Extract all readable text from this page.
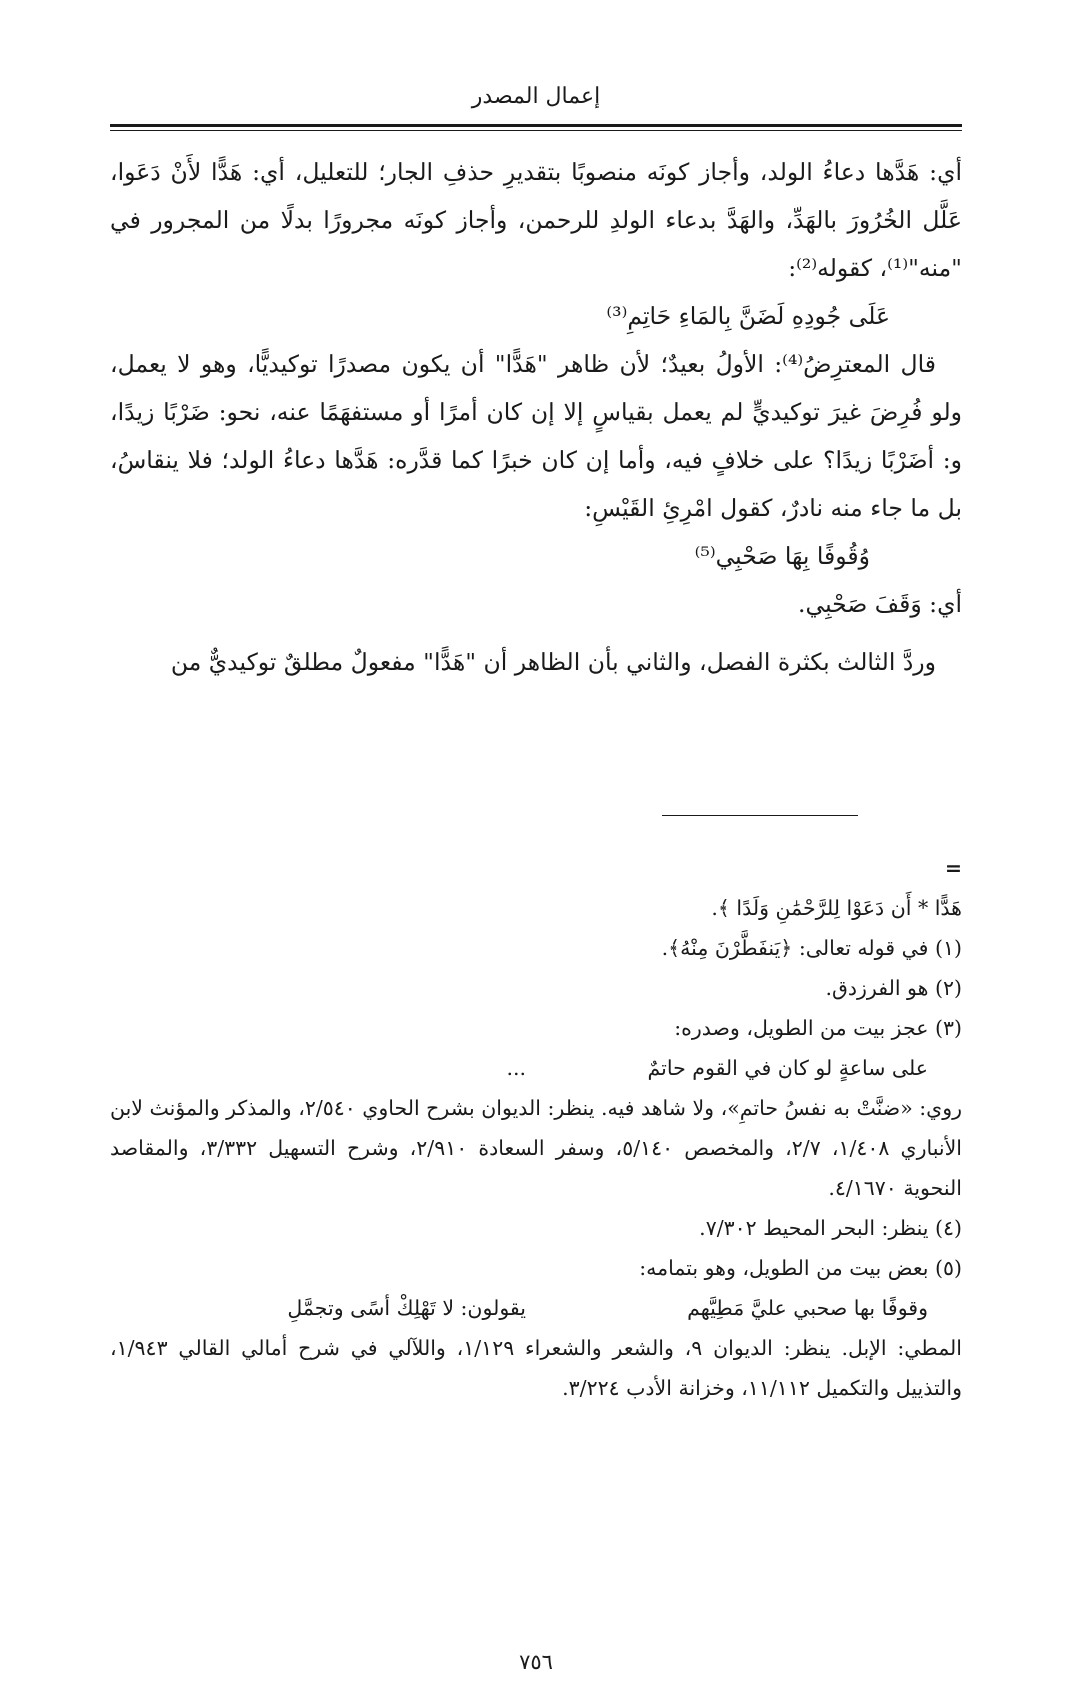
إعمال المصدر

أي: هَدَّها دعاءُ الولد، وأجاز كونَه منصوبًا بتقديرِ حذفِ الجار؛ للتعليل، أي: هَدًّا لأَنْ دَعَوا، عَلَّل الخُرُورَ بالهَدِّ، والهَدَّ بدعاء الولدِ للرحمن، وأجاز كونَه مجرورًا بدلًا من المجرور في "منه"⁽¹⁾، كقوله⁽²⁾:

عَلَى جُودِهِ لَضَنَّ بِالمَاءِ حَاتِمِ⁽³⁾

قال المعترِضُ⁽⁴⁾: الأولُ بعيدٌ؛ لأن ظاهر "هَدًّا" أن يكون مصدرًا توكيديًّا، وهو لا يعمل، ولو فُرِضَ غيرَ توكيديٍّ لم يعمل بقياسٍ إلا إن كان أمرًا أو مستفهَمًا عنه، نحو: ضَرْبًا زيدًا، و: أضَرْبًا زيدًا؟ على خلافٍ فيه، وأما إن كان خبرًا كما قدَّره: هَدَّها دعاءُ الولد؛ فلا ينقاسُ، بل ما جاء منه نادرٌ، كقول امْرِئِ القَيْسِ:

وُقُوفًا بِهَا صَحْبِي⁽⁵⁾

أي: وَقَفَ صَحْبِي.

وردَّ الثالث بكثرة الفصل، والثاني بأن الظاهر أن "هَدًّا" مفعولٌ مطلقٌ توكيديٌّ من

=

هَدًّا * أَن دَعَوْا لِلرَّحْمَٰنِ وَلَدًا ﴾.

(١) في قوله تعالى: ﴿يَنفَطَّرْنَ مِنْهُ﴾.

(٢) هو الفرزدق.

(٣) عجز بيت من الطويل، وصدره:

على ساعةٍ لو كان في القوم حاتمٌ
...

روي: «ضنَّتْ به نفسُ حاتمِ»، ولا شاهد فيه. ينظر: الديوان بشرح الحاوي ٢/٥٤٠، والمذكر والمؤنث لابن الأنباري ١/٤٠٨، ٢/٧، والمخصص ٥/١٤٠، وسفر السعادة ٢/٩١٠، وشرح التسهيل ٣/٣٣٢، والمقاصد النحوية ٤/١٦٧٠.

(٤) ينظر: البحر المحيط ٧/٣٠٢.

(٥) بعض بيت من الطويل، وهو بتمامه:

وقوفًا بها صحبي عليَّ مَطِيَّهم
يقولون: لا تَهْلِكْ أسًى وتجمَّلِ

المطي: الإبل. ينظر: الديوان ٩، والشعر والشعراء ١/١٢٩، واللآلي في شرح أمالي القالي ١/٩٤٣، والتذييل والتكميل ١١/١١٢، وخزانة الأدب ٣/٢٢٤.

٧٥٦
